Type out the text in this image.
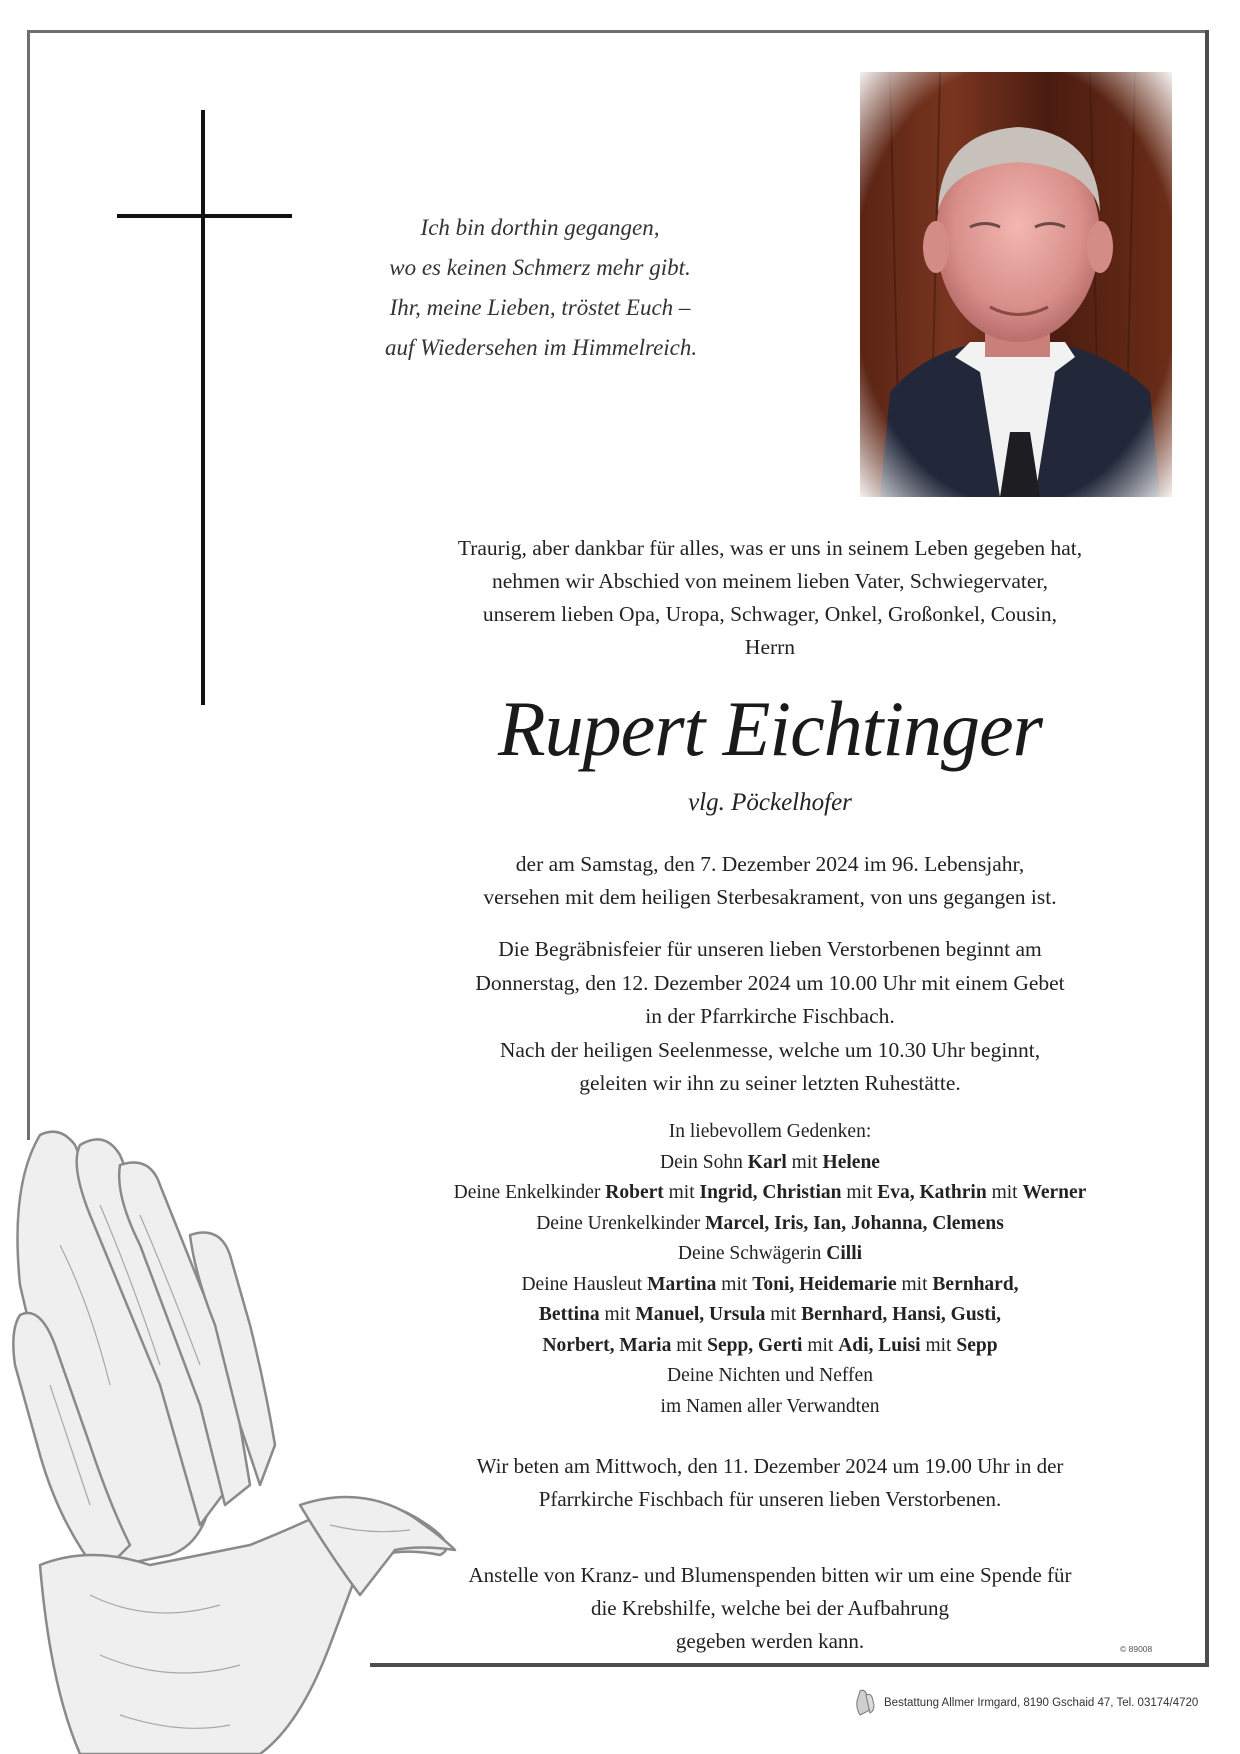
Ich bin dorthin gegangen,
wo es keinen Schmerz mehr gibt.
Ihr, meine Lieben, tröstet Euch –
auf Wiedersehen im Himmelreich.
Traurig, aber dankbar für alles, was er uns in seinem Leben gegeben hat,
nehmen wir Abschied von meinem lieben Vater, Schwiegervater,
unserem lieben Opa, Uropa, Schwager, Onkel, Großonkel, Cousin,
Herrn
Rupert Eichtinger
vlg. Pöckelhofer
der am Samstag, den 7. Dezember 2024 im 96. Lebensjahr,
versehen mit dem heiligen Sterbesakrament, von uns gegangen ist.
Die Begräbnisfeier für unseren lieben Verstorbenen beginnt am
Donnerstag, den 12. Dezember 2024 um 10.00 Uhr mit einem Gebet
in der Pfarrkirche Fischbach.
Nach der heiligen Seelenmesse, welche um 10.30 Uhr beginnt,
geleiten wir ihn zu seiner letzten Ruhestätte.
In liebevollem Gedenken:
Dein Sohn Karl mit Helene
Deine Enkelkinder Robert mit Ingrid, Christian mit Eva, Kathrin mit Werner
Deine Urenkelkinder Marcel, Iris, Ian, Johanna, Clemens
Deine Schwägerin Cilli
Deine Hausleut Martina mit Toni, Heidemarie mit Bernhard,
Bettina mit Manuel, Ursula mit Bernhard, Hansi, Gusti,
Norbert, Maria mit Sepp, Gerti mit Adi, Luisi mit Sepp
Deine Nichten und Neffen
im Namen aller Verwandten
Wir beten am Mittwoch, den 11. Dezember 2024 um 19.00 Uhr in der
Pfarrkirche Fischbach für unseren lieben Verstorbenen.
Anstelle von Kranz- und Blumenspenden bitten wir um eine Spende für
die Krebshilfe, welche bei der Aufbahrung
gegeben werden kann.	© 89008
Bestattung Allmer Irmgard, 8190 Gschaid 47, Tel. 03174/4720
